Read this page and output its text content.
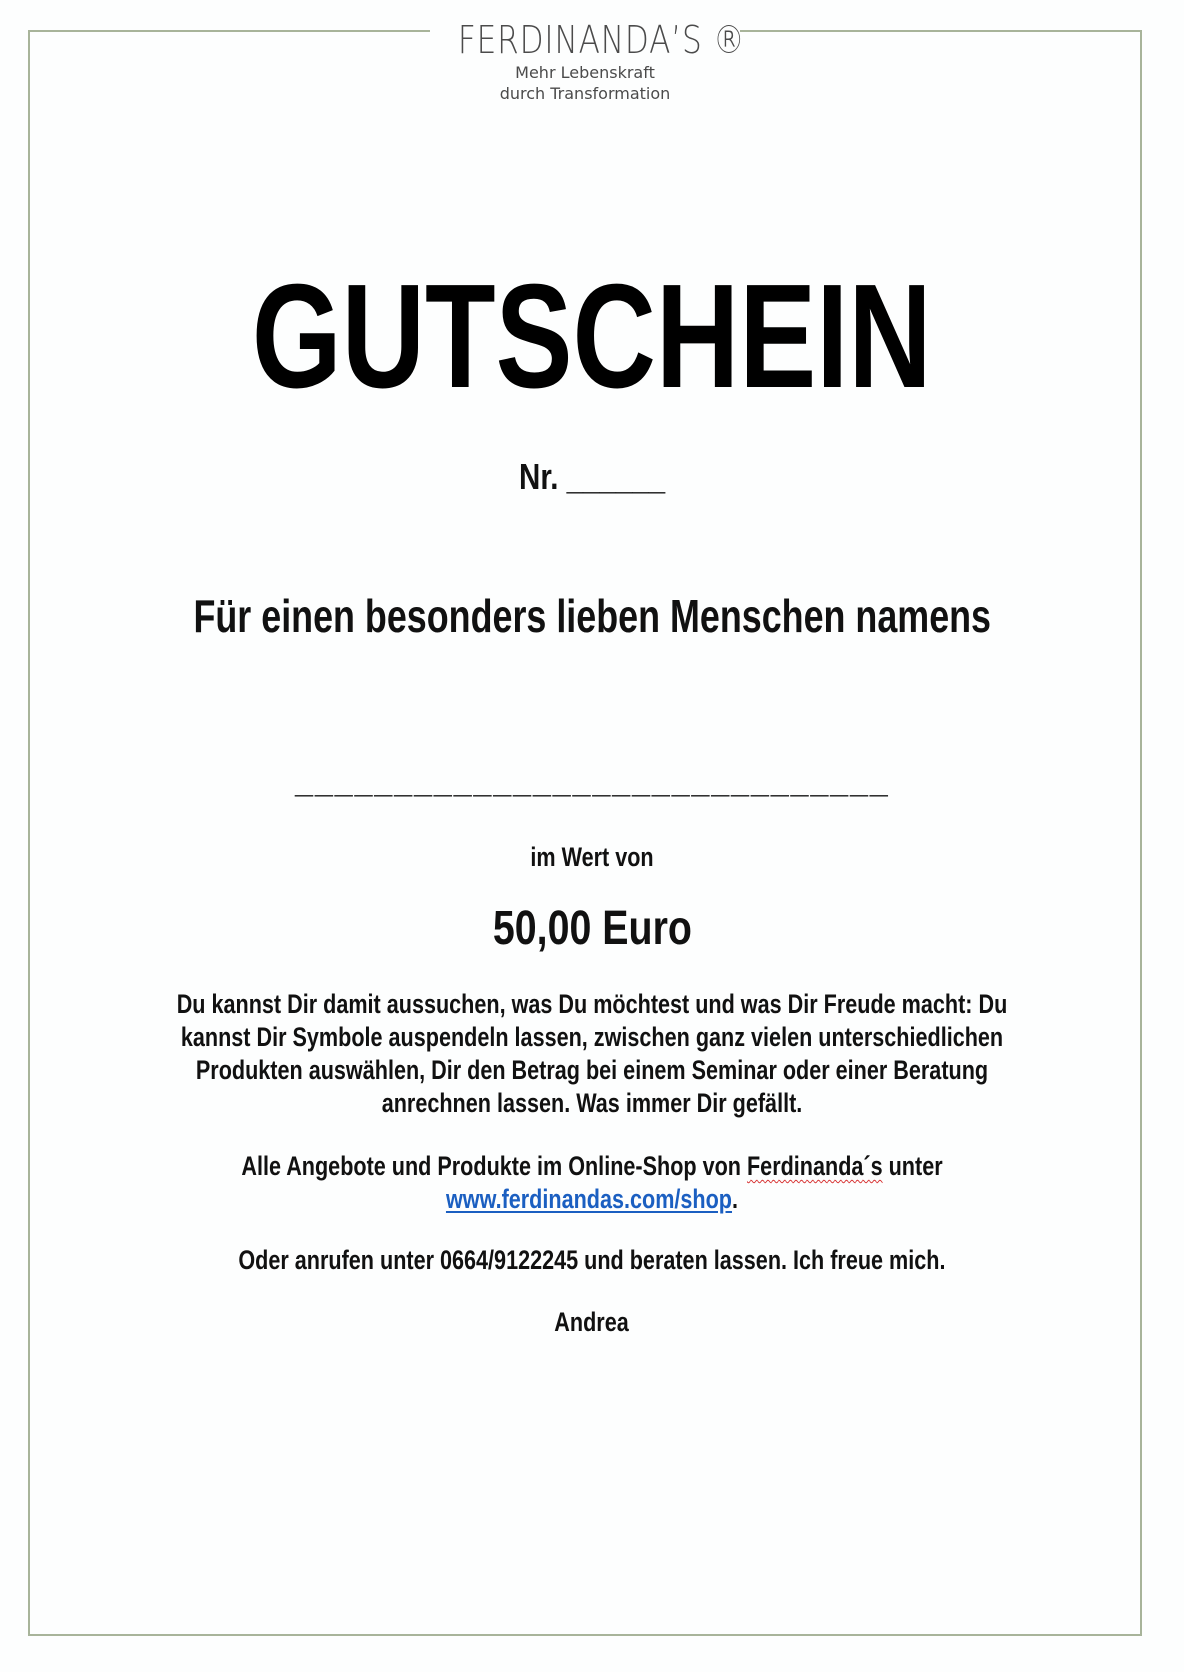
FERDINANDA’S ®
Mehr Lebenskraft
durch Transformation
GUTSCHEIN
Nr. ______
Für einen besonders lieben Menschen namens
______________________________
im Wert von
50,00 Euro
Du kannst Dir damit aussuchen, was Du möchtest und was Dir Freude macht: Du
kannst Dir Symbole auspendeln lassen, zwischen ganz vielen unterschiedlichen
Produkten auswählen, Dir den Betrag bei einem Seminar oder einer Beratung
anrechnen lassen. Was immer Dir gefällt.
Alle Angebote und Produkte im Online-Shop von Ferdinanda´s unter
www.ferdinandas.com/shop.
Oder anrufen unter 0664/9122245 und beraten lassen. Ich freue mich.
Andrea
